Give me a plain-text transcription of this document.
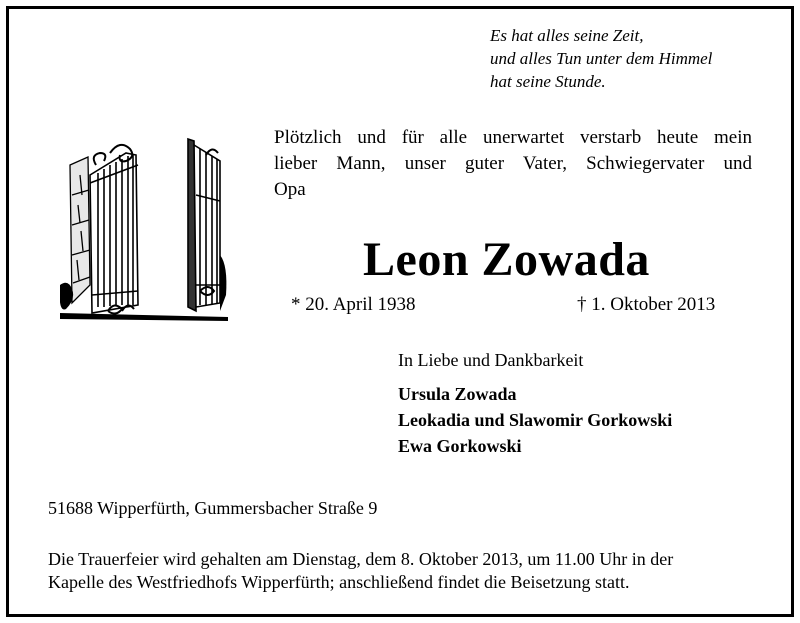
Es hat alles seine Zeit,
und alles Tun unter dem Himmel
hat seine Stunde.
Plötzlich und für alle unerwartet verstarb heute mein
lieber Mann, unser guter Vater, Schwiegervater und
Opa
Leon Zowada
* 20. April 1938	† 1. Oktober 2013
In Liebe und Dankbarkeit
Ursula Zowada
Leokadia und Slawomir Gorkowski
Ewa Gorkowski
51688 Wipperfürth, Gummersbacher Straße 9
Die Trauerfeier wird gehalten am Dienstag, dem 8. Oktober 2013, um 11.00 Uhr in der
Kapelle des Westfriedhofs Wipperfürth; anschließend findet die Beisetzung statt.
